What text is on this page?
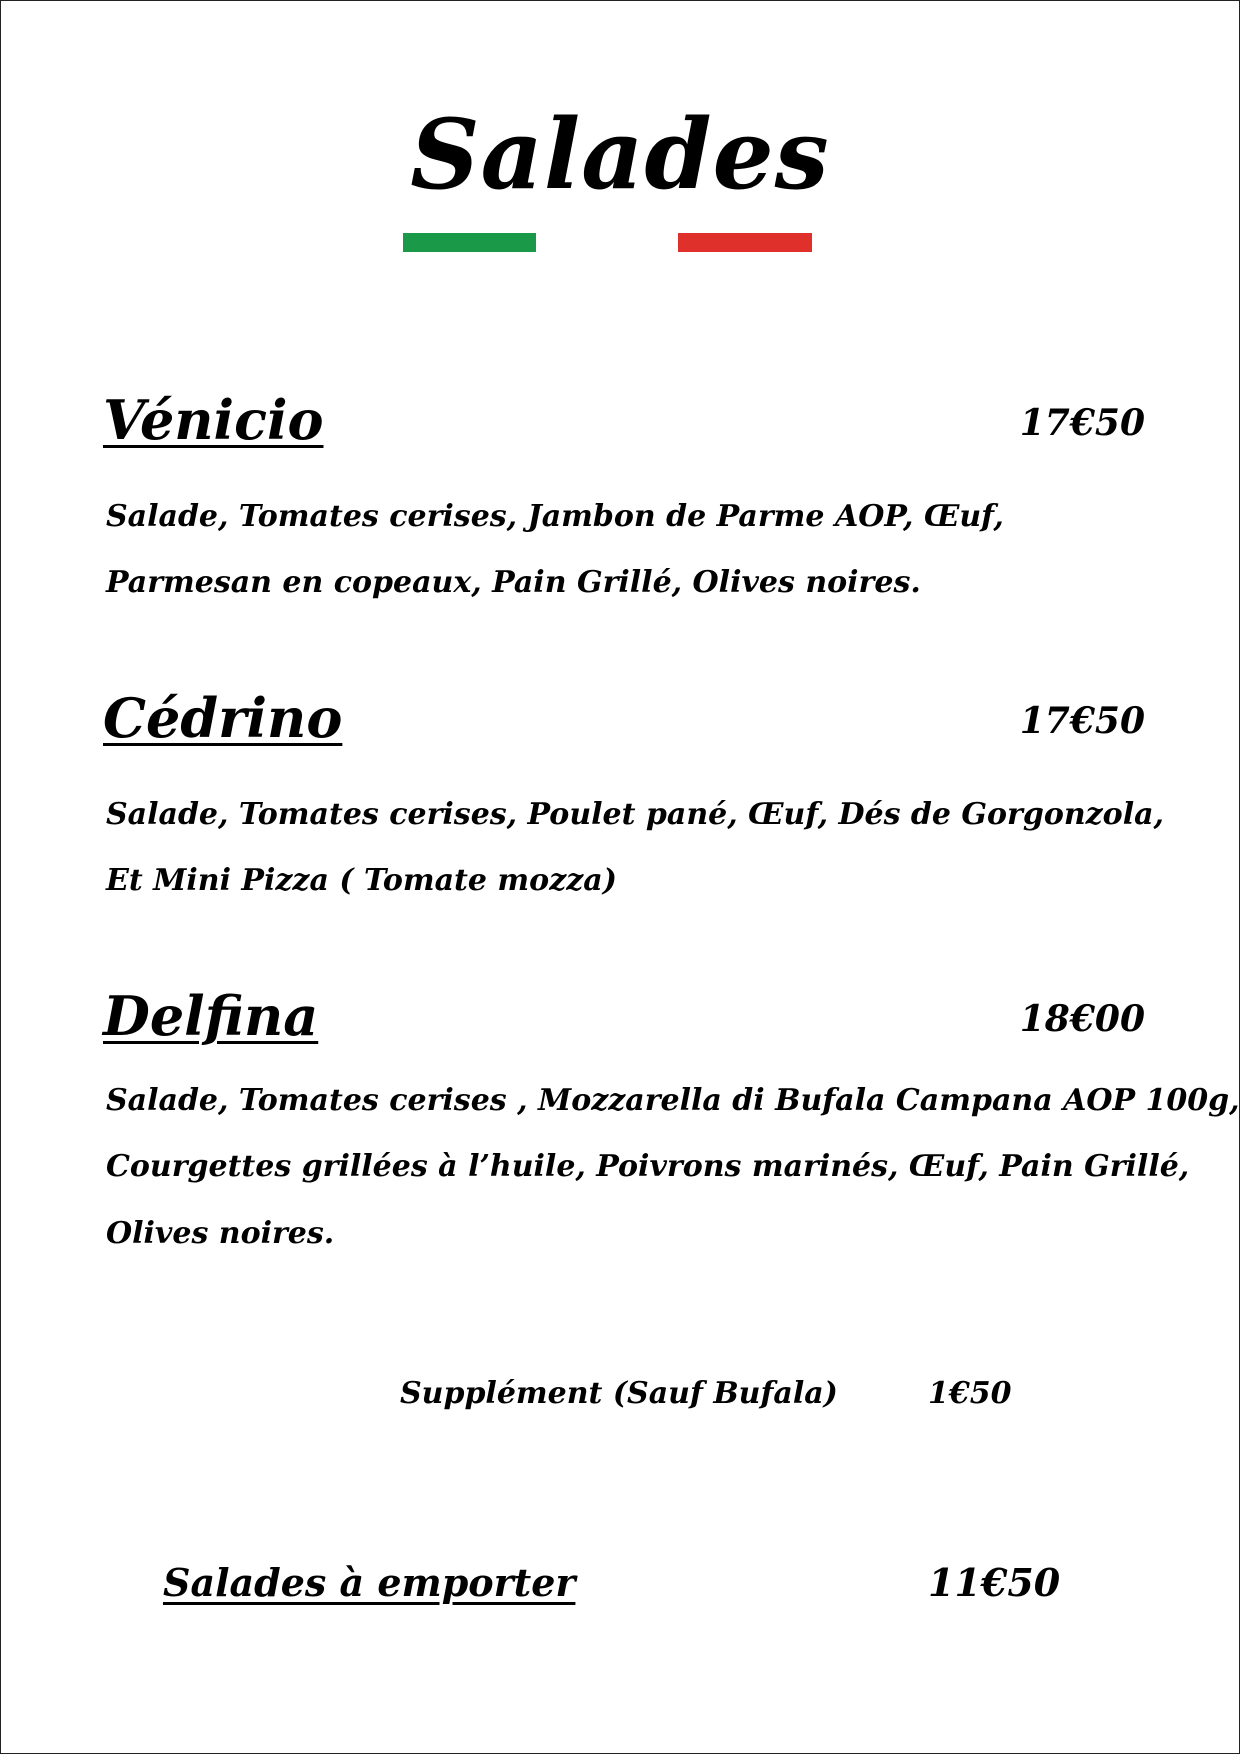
Salades
Vénicio	17€50
Salade, Tomates cerises, Jambon de Parme AOP, Œuf,
Parmesan en copeaux, Pain Grillé, Olives noires.
Cédrino	17€50
Salade, Tomates cerises, Poulet pané, Œuf, Dés de Gorgonzola,
Et Mini Pizza ( Tomate mozza)
Delfina	18€00
Salade, Tomates cerises , Mozzarella di Bufala Campana AOP 100g,
Courgettes grillées à l’huile, Poivrons marinés, Œuf, Pain Grillé,
Olives noires.
Supplément (Sauf Bufala)	1€50
Salades à emporter	11€50
